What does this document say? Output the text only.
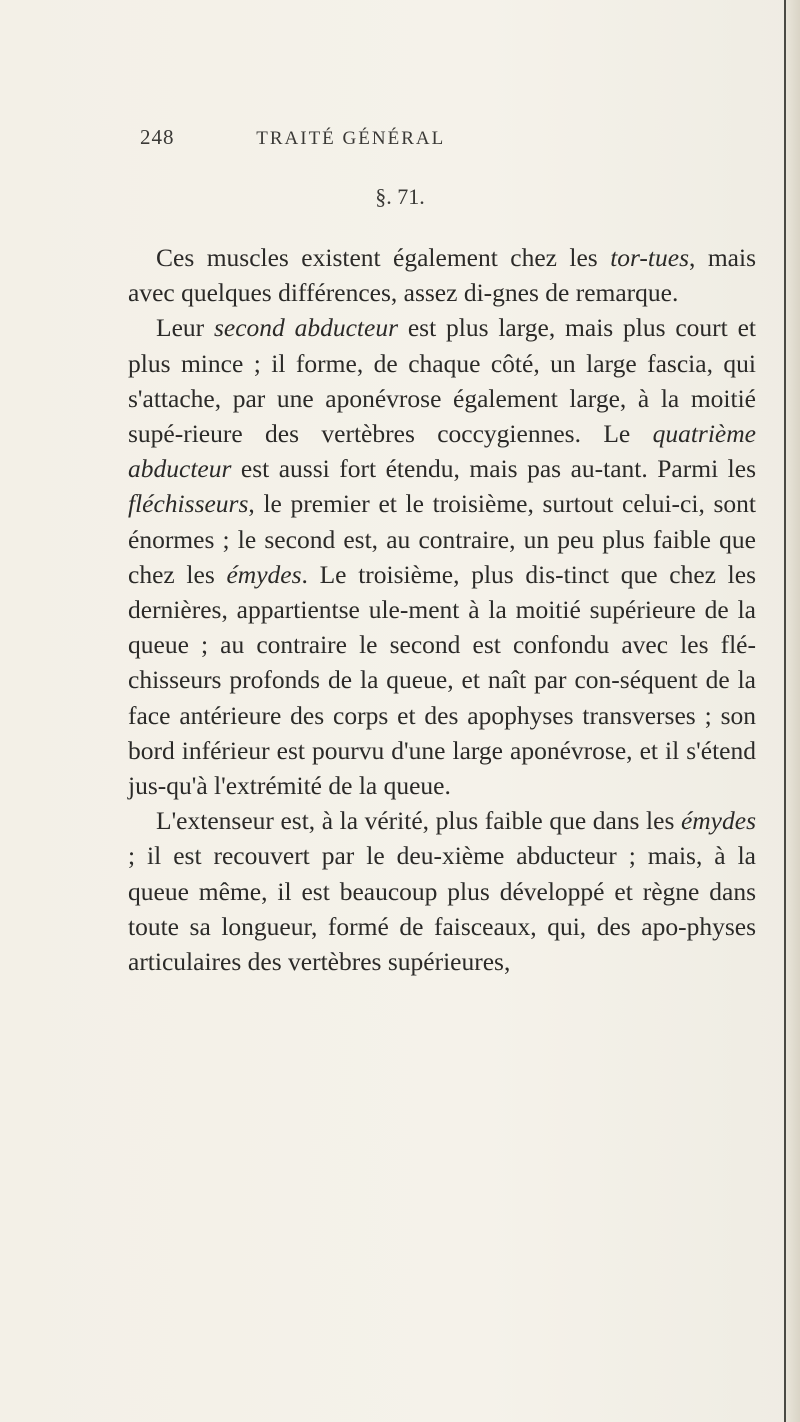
248	TRAITÉ GÉNÉRAL
§. 71.

Ces muscles existent également chez les tor-tues, mais avec quelques différences, assez di-gnes de remarque.

Leur second abducteur est plus large, mais plus court et plus mince ; il forme, de chaque côté, un large fascia, qui s'attache, par une aponévrose également large, à la moitié supé-rieure des vertèbres coccygiennes. Le quatrième abducteur est aussi fort étendu, mais pas au-tant. Parmi les fléchisseurs, le premier et le troisième, surtout celui-ci, sont énormes ; le second est, au contraire, un peu plus faible que chez les émydes. Le troisième, plus dis-tinct que chez les dernières, appartientse ule-ment à la moitié supérieure de la queue ; au contraire le second est confondu avec les flé-chisseurs profonds de la queue, et naît par con-séquent de la face antérieure des corps et des apophyses transverses ; son bord inférieur est pourvu d'une large aponévrose, et il s'étend jus-qu'à l'extrémité de la queue.

L'extenseur est, à la vérité, plus faible que dans les émydes ; il est recouvert par le deu-xième abducteur ; mais, à la queue même, il est beaucoup plus développé et règne dans toute sa longueur, formé de faisceaux, qui, des apo-physes articulaires des vertèbres supérieures,
